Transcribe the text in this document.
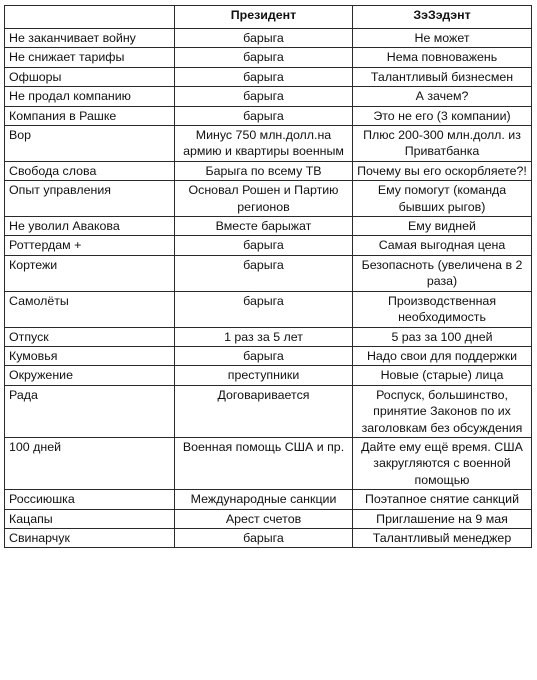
	Президент	ЗэЗэдэнт
Не заканчивает войну	барыга	Не может
Не снижает тарифы	барыга	Нема повноважень
Офшоры	барыга	Талантливый бизнесмен
Не продал компанию	барыга	А зачем?
Компания в Рашке	барыга	Это не его (3 компании)
Вор	Минус 750 млн.долл.на армию и квартиры военным	Плюс 200-300 млн.долл. из Приватбанка
Свобода слова	Барыга по всему ТВ	Почему вы его оскорбляете?!
Опыт управления	Основал Рошен и Партию регионов	Ему помогут (команда бывших рыгов)
Не уволил Авакова	Вместе барыжат	Ему видней
Роттердам +	барыга	Самая выгодная цена
Кортежи	барыга	Безопасноть (увеличена в 2 раза)
Самолёты	барыга	Производственная необходимость
Отпуск	1 раз за 5 лет	5 раз за 100 дней
Кумовья	барыга	Надо свои для поддержки
Окружение	преступники	Новые (старые) лица
Рада	Договаривается	Роспуск, большинство, принятие Законов по их заголовкам без обсуждения
100 дней	Военная помощь США и пр.	Дайте ему ещё время. США закругляются с военной помощью
Россиюшка	Международные санкции	Поэтапное снятие санкций
Кацапы	Арест счетов	Приглашение на 9 мая
Свинарчук	барыга	Талантливый менеджер
